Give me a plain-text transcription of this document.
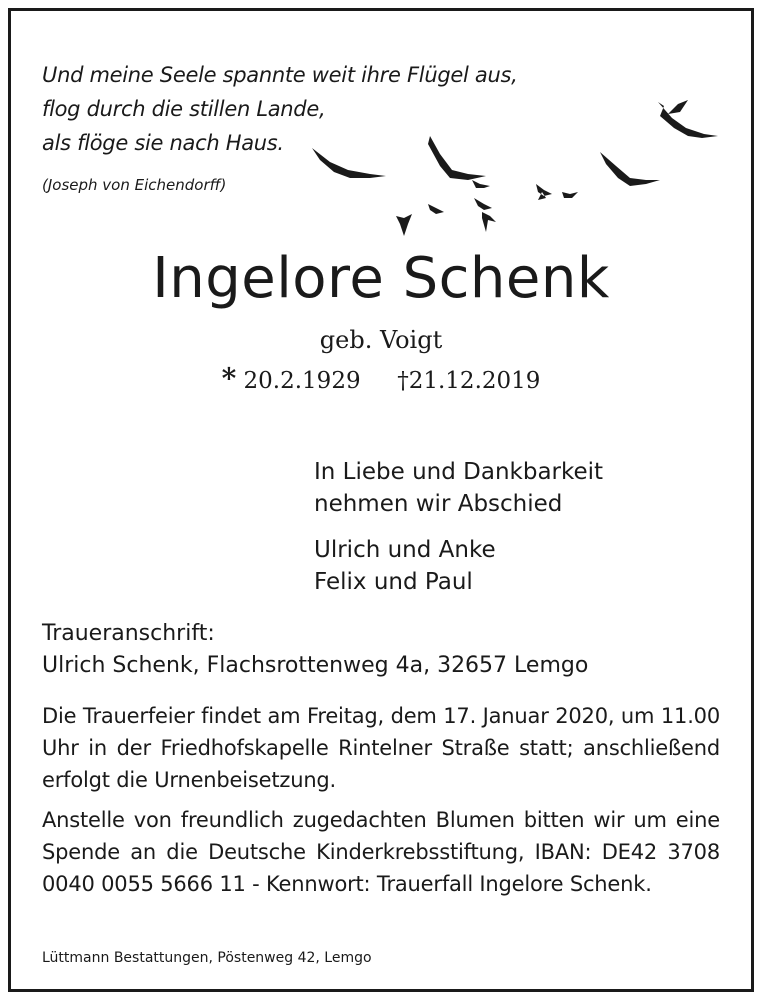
Und meine Seele spannte weit ihre Flügel aus,
flog durch die stillen Lande,
als flöge sie nach Haus.
(Joseph von Eichendorff)
Ingelore Schenk
geb. Voigt
* 20.2.1929 †21.12.2019
In Liebe und Dankbarkeit
nehmen wir Abschied
Ulrich und Anke
Felix und Paul
Traueranschrift:
Ulrich Schenk, Flachsrottenweg 4a, 32657 Lemgo
Die Trauerfeier findet am Freitag, dem 17. Januar 2020, um 11.00 Uhr in der Friedhofskapelle Rintelner Straße statt; anschließend erfolgt die Urnenbeisetzung.
Anstelle von freundlich zugedachten Blumen bitten wir um eine Spende an die Deutsche Kinderkrebsstiftung, IBAN: DE42 3708 0040 0055 5666 11 - Kennwort: Trauerfall Ingelore Schenk.
Lüttmann Bestattungen, Pöstenweg 42, Lemgo
